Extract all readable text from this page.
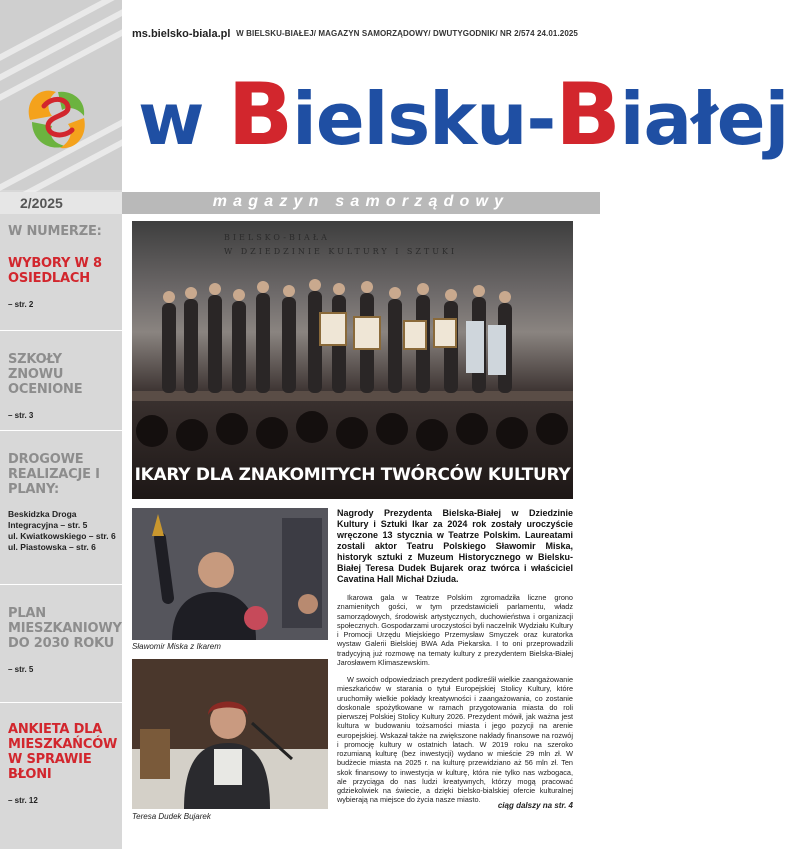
ms.bielsko-biala.pl W BIELSKU-BIAŁEJ/ MAGAZYN SAMORZĄDOWY/ DWUTYGODNIK/ NR 2/574 24.01.2025
w Bielsku-Białej
2/2025	magazyn samorządowy
W NUMERZE:
WYBORY W 8 OSIEDLACH
– str. 2
SZKOŁY ZNOWU OCENIONE
– str. 3
DROGOWE REALIZACJE I PLANY:
Beskidzka Droga Integracyjna – str. 5
ul. Kwiatkowskiego – str. 6
ul. Piastowska – str. 6
PLAN MIESZKANIOWY DO 2030 ROKU
– str. 5
ANKIETA DLA MIESZKAŃCÓW W SPRAWIE BŁONI
– str. 12
BIELSKO-BIAŁA
W DZIEDZINIE KULTURY I SZTUKI
IKARY DLA ZNAKOMITYCH TWÓRCÓW KULTURY
Sławomir Miska z Ikarem
Teresa Dudek Bujarek
Nagrody Prezydenta Bielska-Białej w Dziedzinie Kultury i Sztuki Ikar za 2024 rok zostały uroczyście wręczone 13 stycznia w Teatrze Polskim. Laureatami zostali aktor Teatru Polskiego Sławomir Miska, historyk sztuki z Muzeum Historycznego w Bielsku-Białej Teresa Dudek Bujarek oraz twórca i właściciel Cavatina Hall Michał Dziuda.
Ikarowa gala w Teatrze Polskim zgromadziła liczne grono znamienitych gości, w tym przedstawicieli parlamentu, władz samorządowych, środowisk artystycznych, duchowieństwa i organizacji społecznych. Gospodarzami uroczystości byli naczelnik Wydziału Kultury i Promocji Urzędu Miejskiego Przemysław Smyczek oraz kuratorka wystaw Galerii Bielskiej BWA Ada Piekarska. I to oni przeprowadzili tradycyjną już rozmowę na tematy kultury z prezydentem Bielska-Białej Jarosławem Klimaszewskim.
W swoich odpowiedziach prezydent podkreślił wielkie zaangażowanie mieszkańców w starania o tytuł Europejskiej Stolicy Kultury, które uruchomiły wielkie pokłady kreatywności i zaangażowania, co zostanie doskonale spożytkowane w ramach przygotowania miasta do roli pierwszej Polskiej Stolicy Kultury 2026. Prezydent mówił, jak ważna jest kultura w budowaniu tożsamości miasta i jego pozycji na arenie europejskiej. Wskazał także na zwiększone nakłady finansowe na rozwój i promocję kultury w ostatnich latach. W 2019 roku na szeroko rozumianą kulturę (bez inwestycji) wydano w mieście 29 mln zł. W budżecie miasta na 2025 r. na kulturę przewidziano aż 56 mln zł. Ten skok finansowy to inwestycja w kulturę, która nie tylko nas wzbogaca, ale przyciąga do nas ludzi kreatywnych, którzy mogą pracować gdziekolwiek na świecie, a dzięki bielsko-bialskiej ofercie kulturalnej wybierają na miejsce do życia nasze miasto.
ciąg dalszy na str. 4
